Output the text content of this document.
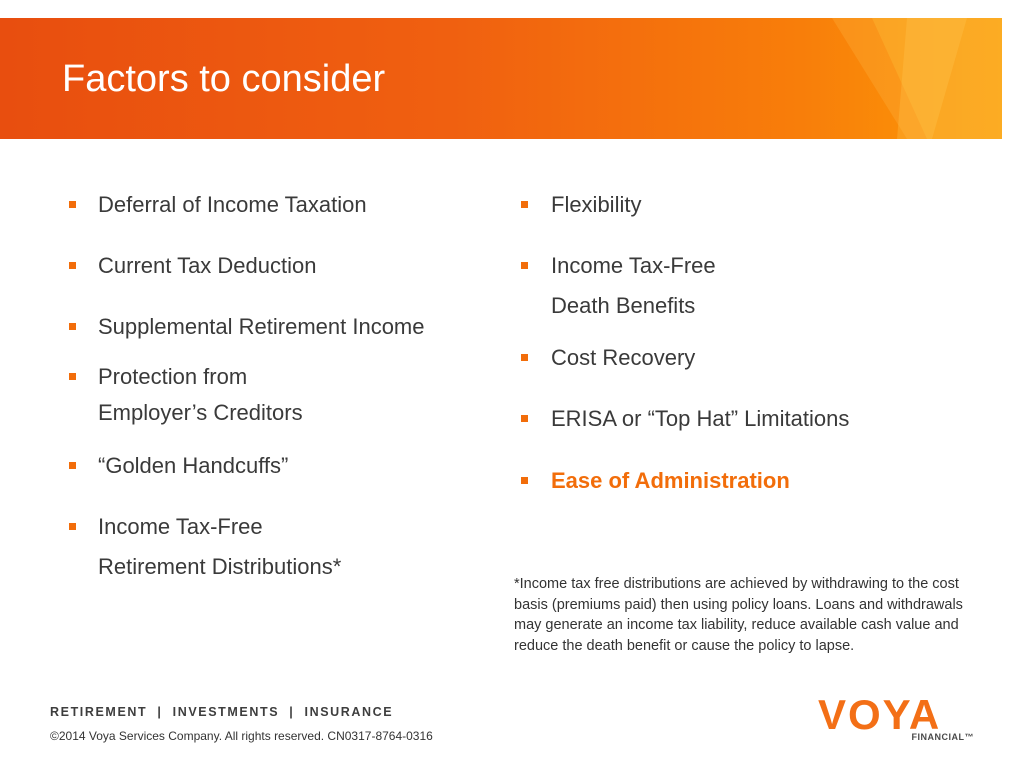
Factors to consider
Deferral of Income Taxation
Current Tax Deduction
Supplemental Retirement Income
Protection from
Employer’s Creditors
“Golden Handcuffs”
Income Tax-Free
Retirement Distributions*
Flexibility
Income Tax-Free
Death Benefits
Cost Recovery
ERISA or “Top Hat” Limitations
Ease of Administration
*Income tax free distributions are achieved by withdrawing to the cost basis (premiums paid) then using policy loans. Loans and withdrawals may generate an income tax liability, reduce available cash value and reduce the death benefit or cause the policy to lapse.
RETIREMENT  |  INVESTMENTS  |  INSURANCE
©2014 Voya Services Company. All rights reserved. CN0317-8764-0316	VOYA
FINANCIAL™
